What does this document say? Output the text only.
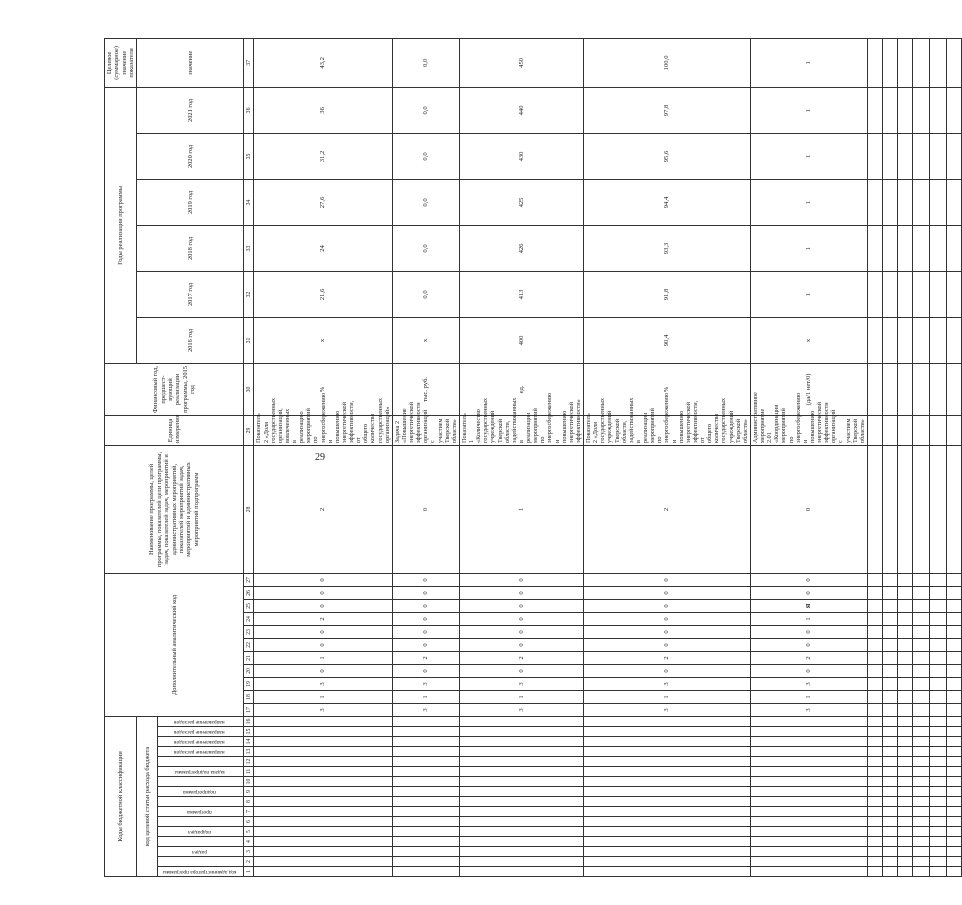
29
Коды бюджетной классификации																Дополнительный аналитический код											Наименование программы, целей программы, показателей цели программы, задач, показателей задач, мероприятий и административных мероприятий, показателей мероприятий задач, мероприятий и административных мероприятий подпрограмм	Единица измерения	Финансовый год, предшест- вующий реализации программы, 2015 год	Годы реализации программы						Целевое (суммарное) значение показателя	
код целевой статьи расхода бюджета																														2016 год	2017 год	2018 год	2019 год	2020 год	2021 год	значение	
код администратора программы		раздел		подраздел		программа		подпрограмма		задача подпрограммы		направление расходов	направление расходов	направление расходов	направление расходов																						
1	2	3	4	5	6	7	8	9	10	11	12	13	14	15	16	17	18	19	20	21	22	23	24	25	26	27	28	29	30	31	32	33	34	35	36	37	
																3	1	3	0	1	0	0	2	0	0	0	2	Показатель 2 «Доля государственных организаций, вовлеченных в реализацию мероприятий по энергосбережению и повышению энергетической эффективности, от общего количества государственных организаций»	%	х	21,6	24	27,6	31,2	36	43,2	
																3	1	3	0	2	0	0	0	0	0	0	0	Задача 2 «Повышение энергетической эффективности организаций с участием Тверской области»	тыс. руб.	х	0,0	0,0	0,0	0,0	0,0	0,0	
																3	1	3	0	2	0	0	0	0	0	0	1	Показатель 1 «Количество государственных учреждений Тверской области, задействованных в реализации мероприятий по энергосбережению и повышению энергетической эффективности»	ед.	400	413	426	425	430	440	450	
																3	1	3	0	2	0	0	0	0	0	0	2	Показатель 2 «Доля государственных учреждений Тверской области, задействованных в реализации мероприятий по энергосбережению и повышению энергетической эффективности, от общего количества государственных учреждений Тверской области»	%	90,4	91,8	93,3	94,4	95,6	97,8	100,0	
																3	1	3	0	2	0	0	1	Я	0	0	0	Административное мероприятие 2.01 «Координация мероприятий по энергосбережению и повышению энергетической эффективности организаций с участием Тверской области»	(да/1 нет/0)	х	1	1	1	1	1	1	
